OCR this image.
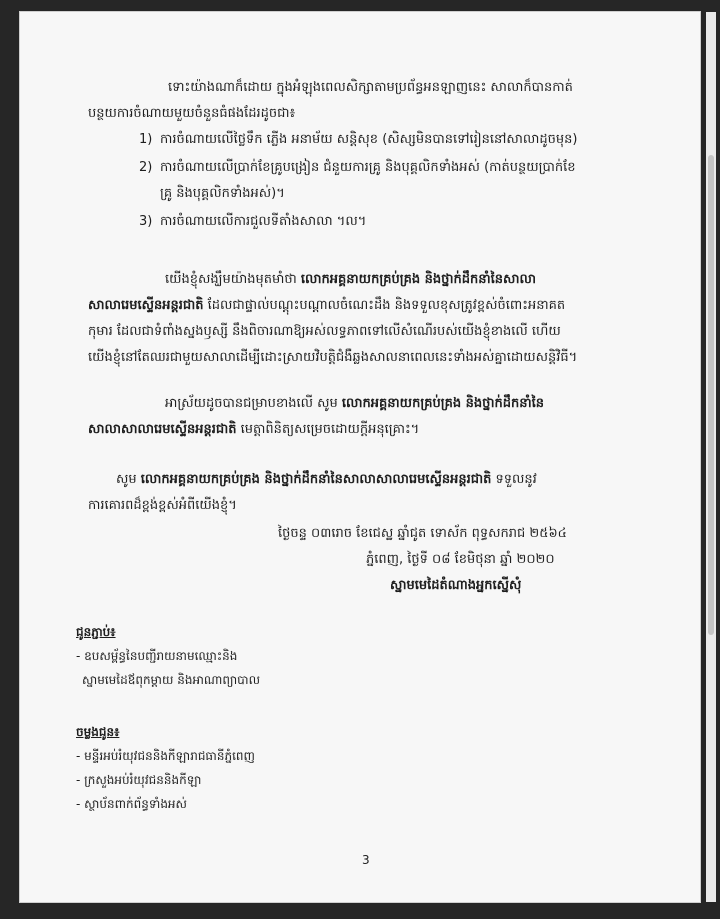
ទោះយ៉ាងណាក៏ដោយ ក្នុងអំឡុងពេលសិក្សាតាមប្រព័ន្ធអនឡាញនេះ សាលាក៏បានកាត់
បន្ថយការចំណាយមួយចំនួនធំផងដែរដូចជា៖
1) ការចំណាយលើថ្លៃទឹក ភ្លើង អនាម័យ សន្តិសុខ (សិស្សមិនបានទៅរៀននៅសាលាដូចមុន)
2) ការចំណាយលើប្រាក់ខែគ្រូបង្រៀន ជំនួយការគ្រូ និងបុគ្គលិកទាំងអស់ (កាត់បន្ថយប្រាក់ខែ
គ្រូ និងបុគ្គលិកទាំងអស់)។
3) ការចំណាយលើការជួលទីតាំងសាលា ។ល។
យើងខ្ញុំសង្ឃឹមយ៉ាងមុតមាំថា លោកអគ្គនាយកគ្រប់គ្រង និងថ្នាក់ដឹកនាំនៃសាលា
សាលារេមស្ទើនអន្តរជាតិ ដែលជាផ្ទាល់បណ្តុះបណ្តាលចំណេះដឹង និងទទួលខុសត្រូវខ្ពស់ចំពោះអនាគត
កុមារ ដែលជាទំពាំងស្នងឫស្សី នឹងពិចារណាឱ្យអស់លទ្ធភាពទៅលើសំណើរបស់យើងខ្ញុំខាងលើ ហើយ
យើងខ្ញុំនៅតែឈរជាមួយសាលាដើម្បីដោះស្រាយវិបត្តិជំងឺឆ្លងសាលនាពេលនេះទាំងអស់គ្នាដោយសន្តិវិធី។
អាស្រ័យដូចបានជម្រាបខាងលើ សូម លោកអគ្គនាយកគ្រប់គ្រង និងថ្នាក់ដឹកនាំនៃ
សាលាសាលារេមស្ទើនអន្តរជាតិ មេត្តាពិនិត្យសម្រេចដោយក្តីអនុគ្រោះ។
សូម លោកអគ្គនាយកគ្រប់គ្រង និងថ្នាក់ដឹកនាំនៃសាលាសាលារេមស្ទើនអន្តរជាតិ ទទួលនូវ
ការគោរពដ៏ខ្ពង់ខ្ពស់អំពីយើងខ្ញុំ។
ថ្ងៃចន្ទ ០៣រោច ខែជេស្ឋ ឆ្នាំជូត ទោស័ក ពុទ្ធសករាជ ២៥៦៤
ភ្នំពេញ, ថ្ងៃទី ០៨ ខែមិថុនា ឆ្នាំ ២០២០
ស្នាមមេដៃតំណាងអ្នកស្នើសុំ
ជូនភ្ជាប់៖
- ឧបសម្ព័ន្ធនៃបញ្ជីរាយនាមឈ្មោះនិង
ស្នាមមេដៃឪពុកម្តាយ និងអាណាព្យាបាល
ចម្លងជូន៖
- មន្ទីរអប់រំយុវជននិងកីឡារាជធានីភ្នំពេញ
- ក្រសួងអប់រំយុវជននិងកីឡា
- ស្ថាប័នពាក់ព័ន្ធទាំងអស់
3
